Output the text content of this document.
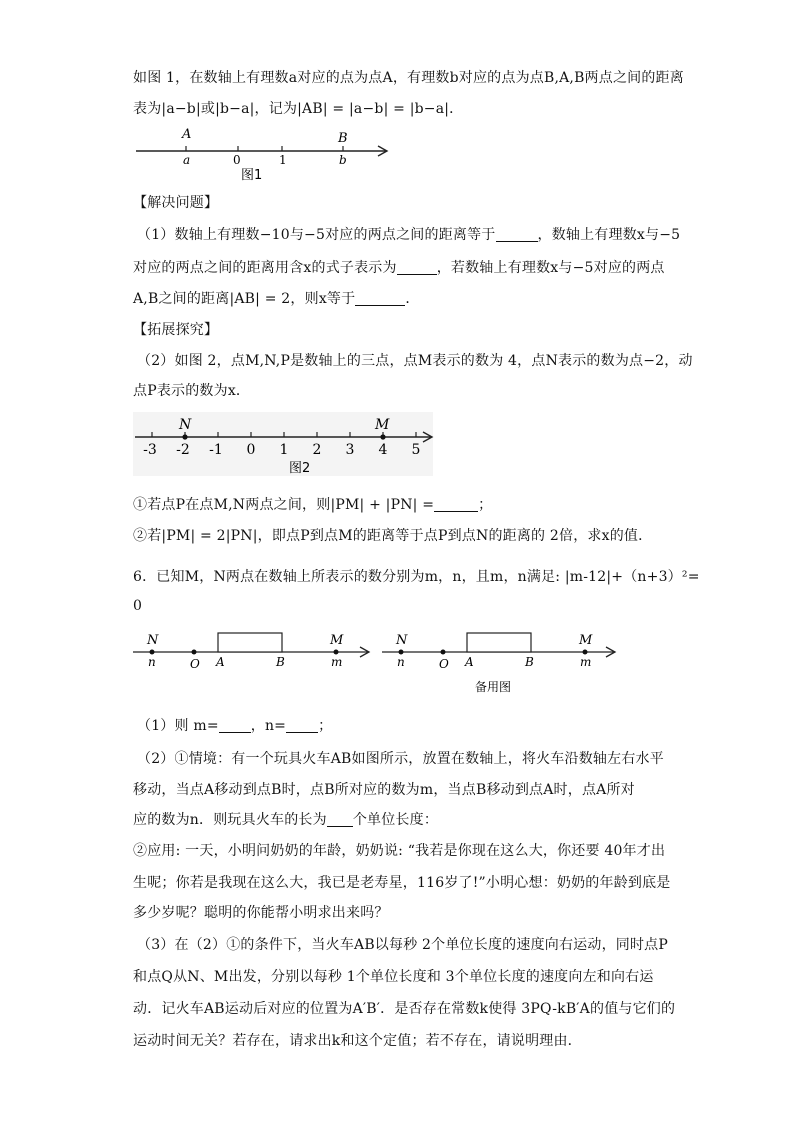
如图 1，在数轴上有理数a对应的点为点A，有理数b对应的点为点B,A,B两点之间的距离
表为|a−b|或|b−a|，记为|AB| = |a−b| = |b−a|．
A	B
a	0	1	b
图1
【解决问题】
（1）数轴上有理数−10与−5对应的两点之间的距离等于	，数轴上有理数x与−5
对应的两点之间的距离用含x的式子表示为	，若数轴上有理数x与−5对应的两点
A,B之间的距离|AB| = 2，则x等于	．
【拓展探究】
（2）如图 2，点M,N,P是数轴上的三点，点M表示的数为 4，点N表示的数为点−2，动
点P表示的数为x．
N	M
-3 -2 -1 0 1 2 3 4 5
图2
①若点P在点M,N两点之间，则|PM| + |PN| =	；
②若|PM| = 2|PN|，即点P到点M的距离等于点P到点N的距离的 2倍，求x的值．
6．已知M，N两点在数轴上所表示的数分别为m，n，且m，n满足: |m-12|+（n+3）²=
0
N	M
n	O A	B	m
N	M
n	O A	B	m
备用图
（1）则 m= ，n= ；
（2）①情境：有一个玩具火车AB如图所示，放置在数轴上，将火车沿数轴左右水平
移动，当点A移动到点B时，点B所对应的数为m，当点B移动到点A时，点A所对
应的数为n．则玩具火车的长为 个单位长度：
②应用: 一天，小明问奶奶的年龄，奶奶说: “我若是你现在这么大，你还要 40年才出
生呢；你若是我现在这么大，我已是老寿星，116岁了!”小明心想：奶奶的年龄到底是
多少岁呢？聪明的你能帮小明求出来吗？
（3）在（2）①的条件下，当火车AB以每秒 2个单位长度的速度向右运动，同时点P
和点Q从N、M出发，分别以每秒 1个单位长度和 3个单位长度的速度向左和向右运
动．记火车AB运动后对应的位置为A′B′．是否存在常数k使得 3PQ-kB′A的值与它们的
运动时间无关？若存在，请求出k和这个定值；若不存在，请说明理由．
